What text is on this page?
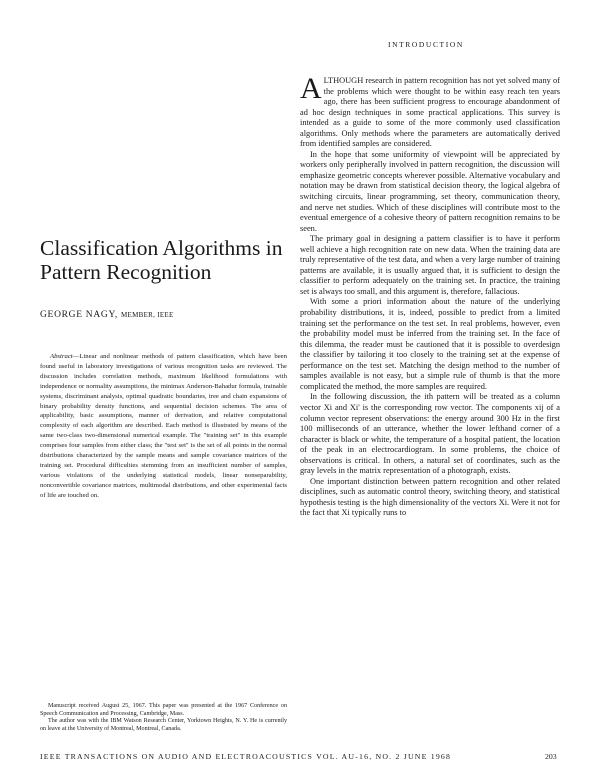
INTRODUCTION

ALTHOUGH research in pattern recognition has not yet solved many of the problems which were thought to be within easy reach ten years ago, there has been sufficient progress to encourage abandonment of ad hoc design techniques in some practical applications. This survey is intended as a guide to some of the more commonly used classification algorithms. Only methods where the parameters are automatically derived from identified samples are considered.

In the hope that some uniformity of viewpoint will be appreciated by workers only peripherally involved in pattern recognition, the discussion will emphasize geometric concepts wherever possible. Alternative vocabulary and notation may be drawn from statistical decision theory, the logical algebra of switching circuits, linear programming, set theory, communication theory, and nerve net studies. Which of these disciplines will contribute most to the eventual emergence of a cohesive theory of pattern recognition remains to be seen.

The primary goal in designing a pattern classifier is to have it perform well achieve a high recognition rate on new data. When the training data are truly representative of the test data, and when a very large number of training patterns are available, it is usually argued that, it is sufficient to design the classifier to perform adequately on the training set. In practice, the training set is always too small, and this argument is, therefore, fallacious.

With some a priori information about the nature of the underlying probability distributions, it is, indeed, possible to predict from a limited training set the performance on the test set. In real problems, however, even the probability model must be inferred from the training set. In the face of this dilemma, the reader must be cautioned that it is possible to overdesign the classifier by tailoring it too closely to the training set at the expense of performance on the test set. Matching the design method to the number of samples available is not easy, but a simple rule of thumb is that the more complicated the method, the more samples are required.

In the following discussion, the ith pattern will be treated as a column vector Xi and Xi' is the corresponding row vector. The components xij of a column vector represent observations: the energy around 300 Hz in the first 100 milliseconds of an utterance, whether the lower lefthand corner of a character is black or white, the temperature of a hospital patient, the location of the peak in an electrocardiogram. In some problems, the choice of observations is critical. In others, a natural set of coordinates, such as the gray levels in the matrix representation of a photograph, exists.

One important distinction between pattern recognition and other related disciplines, such as automatic control theory, switching theory, and statistical hypothesis testing is the high dimensionality of the vectors Xi. Were it not for the fact that Xi typically runs to

Classification Algorithms in Pattern Recognition
GEORGE NAGY, MEMBER, IEEE

Abstract—Linear and nonlinear methods of pattern classification, which have been found useful in laboratory investigations of various recognition tasks are reviewed. The discussion includes correlation methods, maximum likelihood formulations with independence or normality assumptions, the minimax Anderson-Bahadur formula, trainable systems, discriminant analysis, optimal quadratic boundaries, tree and chain expansions of binary probability density functions, and sequential decision schemes. The area of applicability, basic assumptions, manner of derivation, and relative computational complexity of each algorithm are described. Each method is illustrated by means of the same two-class two-dimensional numerical example. The "training set" in this example comprises four samples from either class; the "test set" is the set of all points in the normal distributions characterized by the sample means and sample covariance matrices of the training set. Procedural difficulties stemming from an insufficient number of samples, various violations of the underlying statistical models, linear nonseparability, nonconvertible covariance matrices, multimodal distributions, and other experimental facts of life are touched on.

Manuscript received August 25, 1967. This paper was presented at the 1967 Conference on Speech Communication and Processing, Cambridge, Mass.

The author was with the IBM Watson Research Center, Yorktown Heights, N. Y. He is currently on leave at the University of Montreal, Montreal, Canada.

IEEE TRANSACTIONS ON AUDIO AND ELECTROACOUSTICS VOL. AU-16, NO. 2 JUNE 1968	203
